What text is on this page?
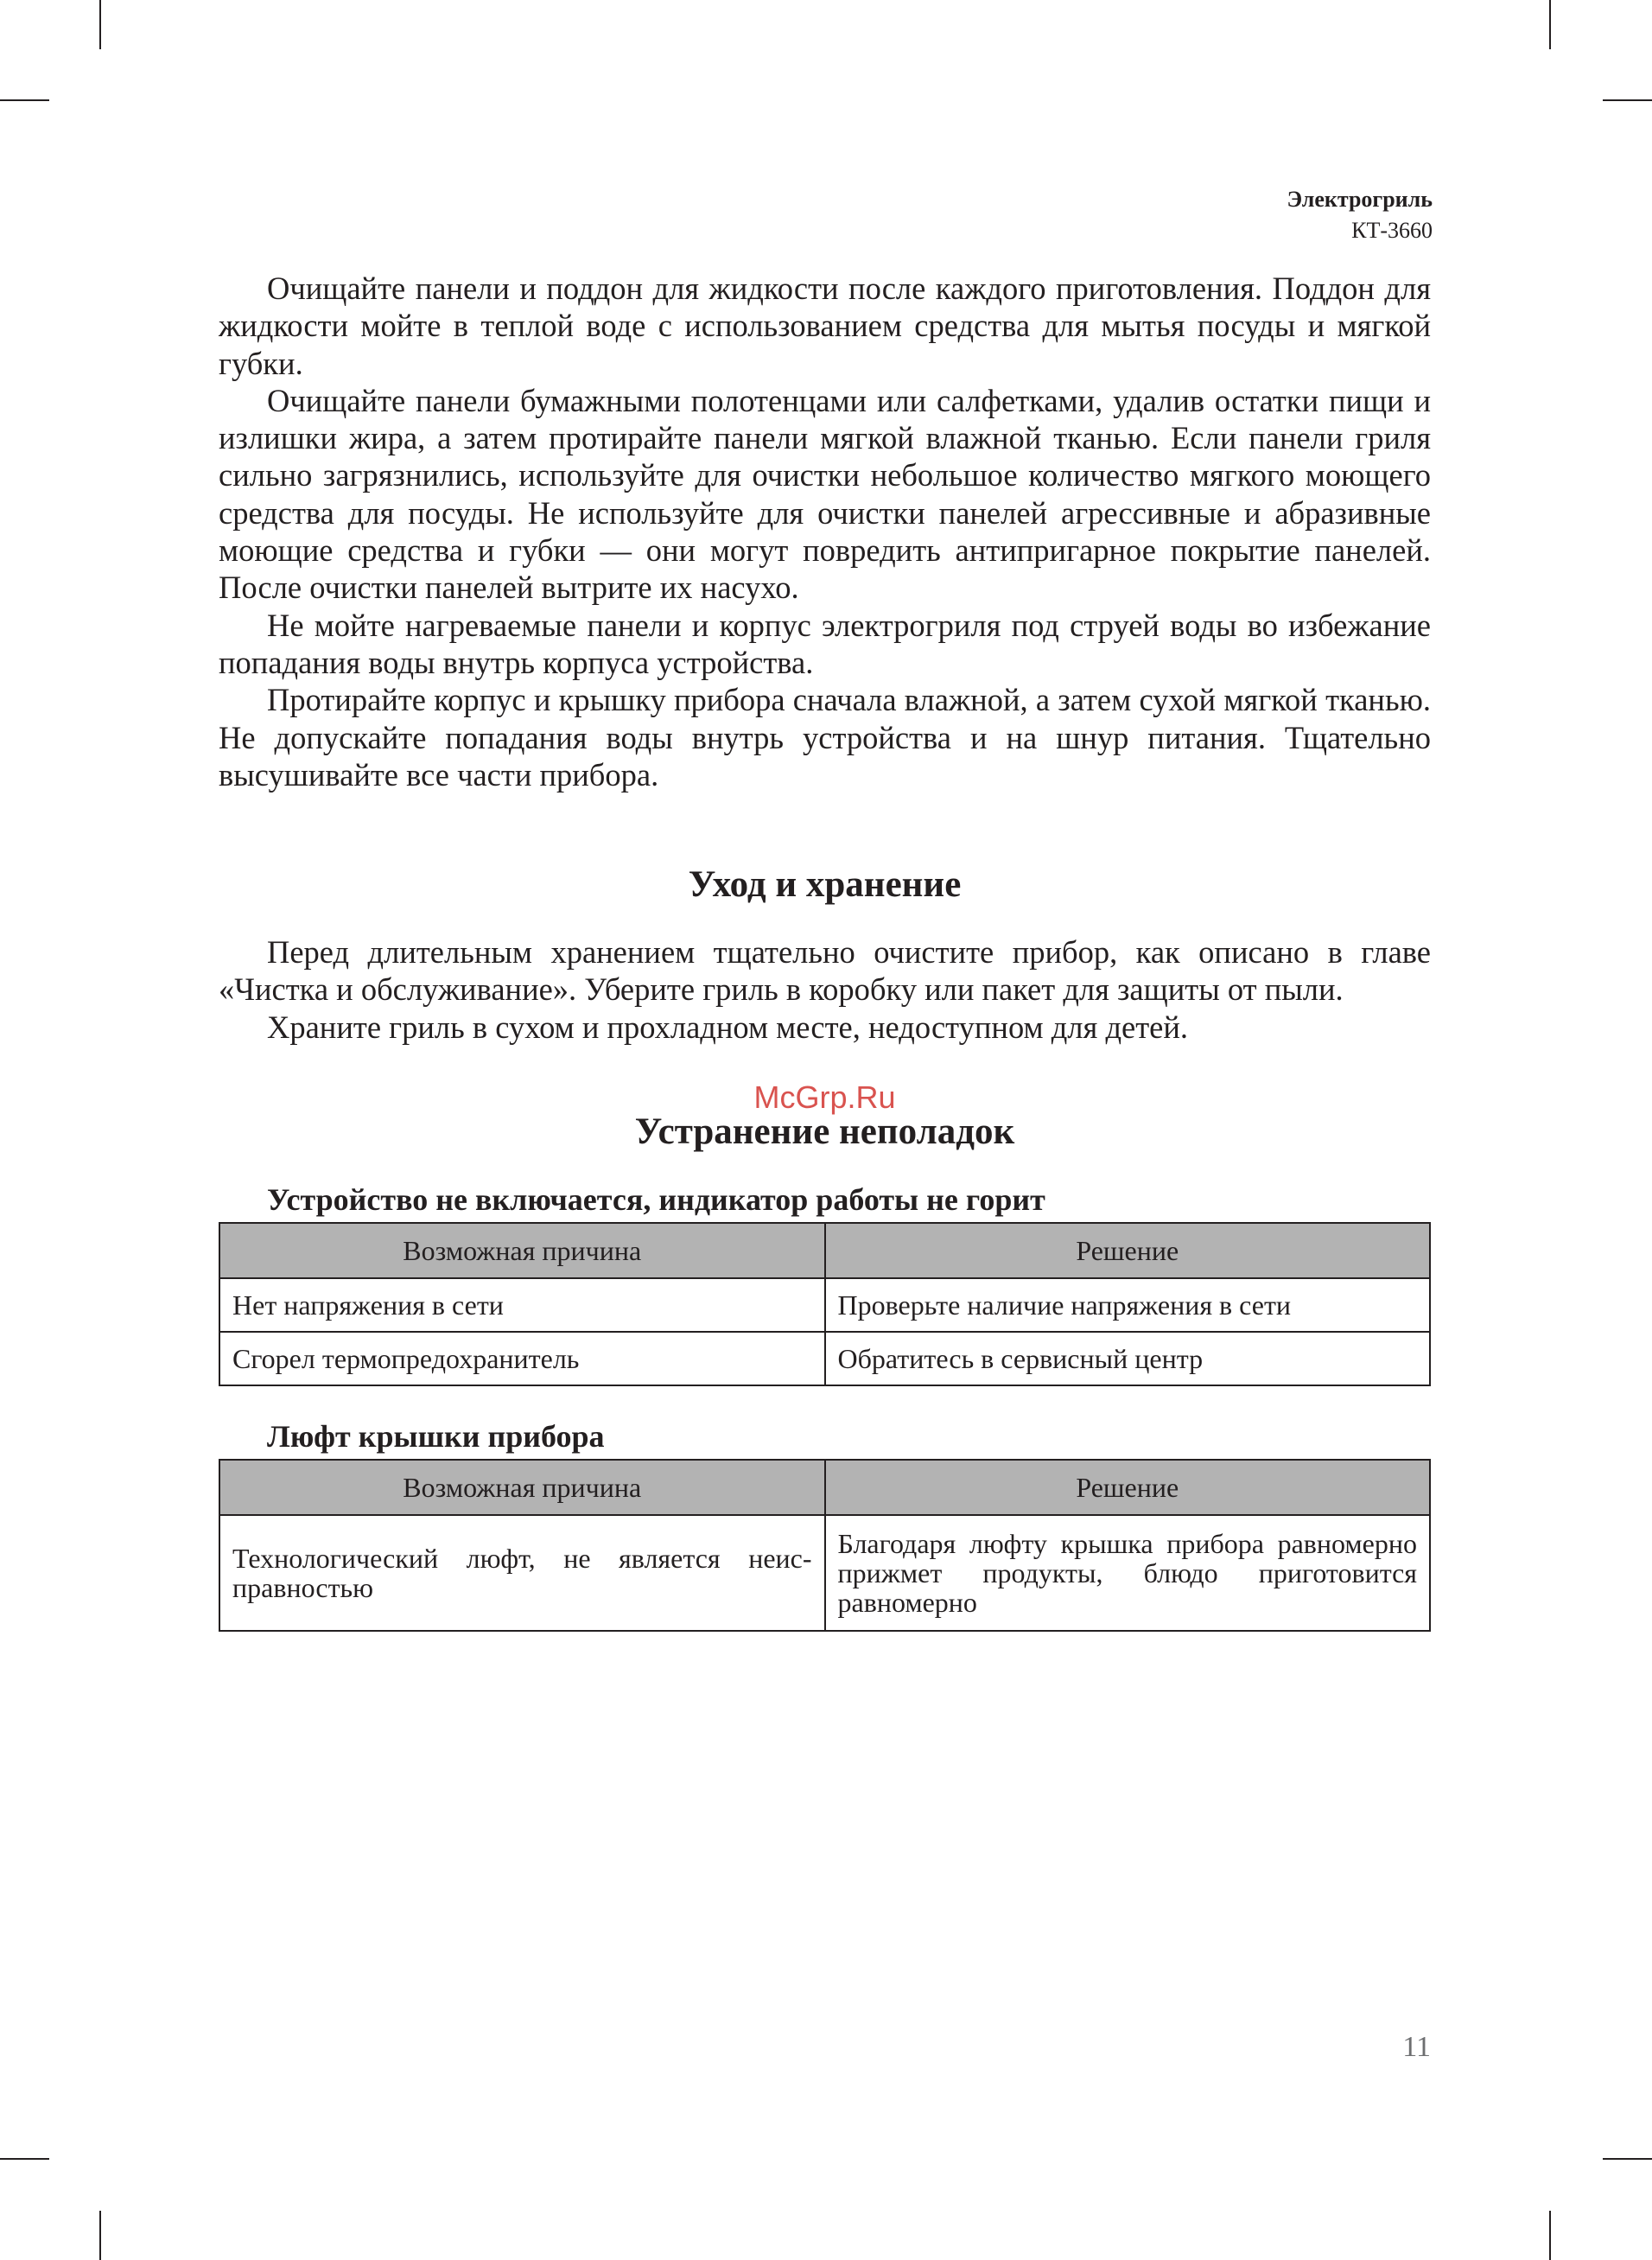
Электрогриль
КТ-3660

Очищайте панели и поддон для жидкости после каждого приготовления. Поддон для жидкости мойте в теплой воде с использованием средства для мытья посуды и мягкой губки.

Очищайте панели бумажными полотенцами или салфетками, удалив остатки пищи и излишки жира, а затем протирайте панели мягкой влажной тканью. Если панели гриля сильно загрязнились, используйте для очистки небольшое количество мягкого моющего средства для посуды. Не используйте для очистки панелей агрессивные и абразивные моющие средства и губки — они могут повредить антипригарное покрытие панелей. После очистки панелей вытрите их насухо.

Не мойте нагреваемые панели и корпус электрогриля под струей воды во избежание попадания воды внутрь корпуса устройства.

Протирайте корпус и крышку прибора сначала влажной, а затем сухой мягкой тканью. Не допускайте попадания воды внутрь устройства и на шнур питания. Тщательно высушивайте все части прибора.

Уход и хранение

Перед длительным хранением тщательно очистите прибор, как описано в главе «Чистка и обслуживание». Уберите гриль в коробку или пакет для защиты от пыли.

Храните гриль в сухом и прохладном месте, недоступном для детей.

McGrp.Ru
Устранение неполадок
Устройство не включается, индикатор работы не горит
Возможная причина	Решение
Нет напряжения в сети	Проверьте наличие напряжения в сети
Сгорел термопредохранитель	Обратитесь в сервисный центр
Люфт крышки прибора
Возможная причина	Решение
Технологический люфт, не является неисправностью	Благодаря люфту крышка прибора равномерно прижмет продукты, блюдо приготовится равномерно
11
